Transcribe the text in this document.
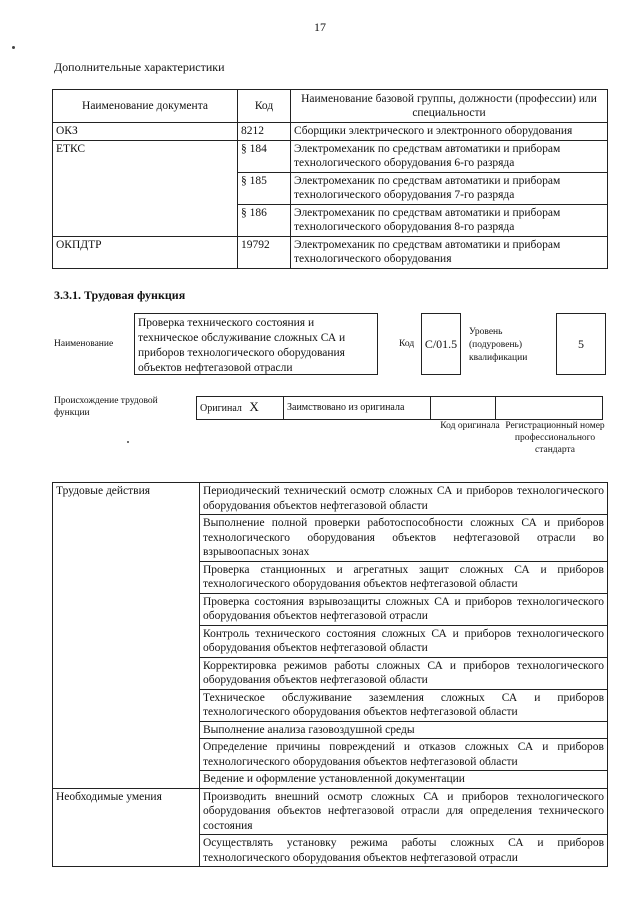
17
Дополнительные характеристики
Наименование документа	Код	Наименование базовой группы, должности (профессии) или специальности
ОКЗ	8212	Сборщики электрического и электронного оборудования
ЕТКС	§ 184	Электромеханик по средствам автоматики и приборам технологического оборудования 6-го разряда
	§ 185	Электромеханик по средствам автоматики и приборам технологического оборудования 7-го разряда
	§ 186	Электромеханик по средствам автоматики и приборам технологического оборудования 8-го разряда
ОКПДТР	19792	Электромеханик по средствам автоматики и приборам технологического оборудования
3.3.1. Трудовая функция
Наименование
Проверка технического состояния и техническое обслуживание сложных СА и приборов технологического оборудования объектов нефтегазовой отрасли
Код С/01.5
Уровень (подуровень) квалификации
5
Происхождение трудовой функции	Оригинал X	Заимствовано из оригинала		
Код оригинала Регистрационный номер профессионального стандарта
Трудовые действия	Периодический технический осмотр сложных СА и приборов технологического оборудования объектов нефтегазовой области
	Выполнение полной проверки работоспособности сложных СА и приборов технологического оборудования объектов нефтегазовой отрасли во взрывоопасных зонах
	Проверка станционных и агрегатных защит сложных СА и приборов технологического оборудования объектов нефтегазовой области
	Проверка состояния взрывозащиты сложных СА и приборов технологического оборудования объектов нефтегазовой отрасли
	Контроль технического состояния сложных СА и приборов технологического оборудования объектов нефтегазовой области
	Корректировка режимов работы сложных СА и приборов технологического оборудования объектов нефтегазовой области
	Техническое обслуживание заземления сложных СА и приборов технологического оборудования объектов нефтегазовой области
	Выполнение анализа газовоздушной среды
	Определение причины повреждений и отказов сложных СА и приборов технологического оборудования объектов нефтегазовой области
	Ведение и оформление установленной документации
Необходимые умения	Производить внешний осмотр сложных СА и приборов технологического оборудования объектов нефтегазовой отрасли для определения технического состояния
	Осуществлять установку режима работы сложных СА и приборов технологического оборудования объектов нефтегазовой отрасли
